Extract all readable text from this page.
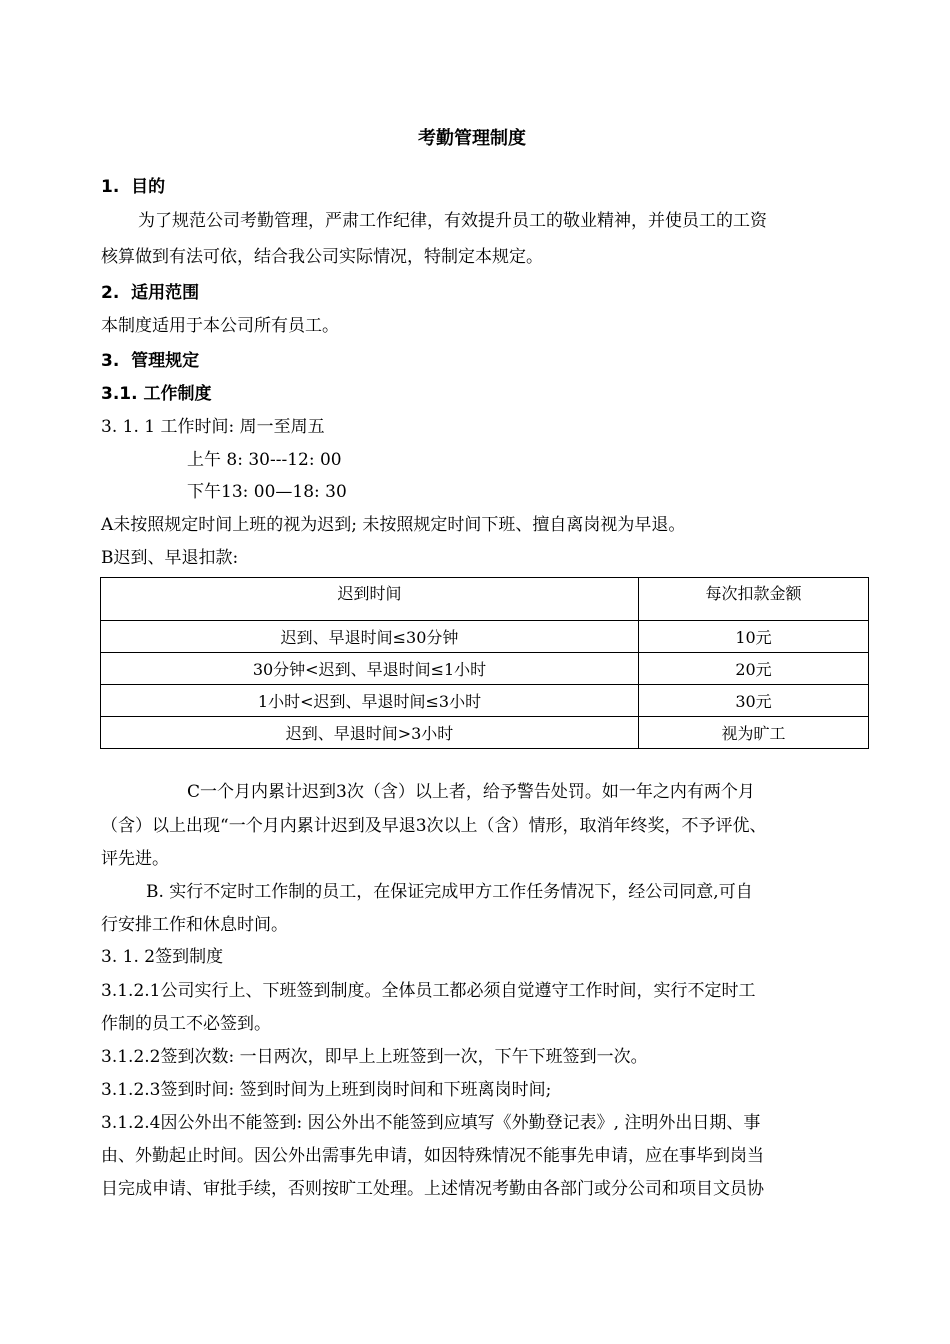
考勤管理制度
1.  目的
为了规范公司考勤管理，严肃工作纪律，有效提升员工的敬业精神，并使员工的工资
核算做到有法可依，结合我公司实际情况，特制定本规定。
2.  适用范围
本制度适用于本公司所有员工。
3.  管理规定
3.1. 工作制度
3. 1. 1 工作时间: 周一至周五
上午 8: 30---12: 00
下午13: 00—18: 30
A未按照规定时间上班的视为迟到; 未按照规定时间下班、擅自离岗视为早退。
B迟到、早退扣款:
迟到时间	每次扣款金额
迟到、早退时间≤30分钟	10元
30分钟<迟到、早退时间≤1小时	20元
1小时<迟到、早退时间≤3小时	30元
迟到、早退时间>3小时	视为旷工
C一个月内累计迟到3次（含）以上者，给予警告处罚。如一年之内有两个月
（含）以上出现“一个月内累计迟到及早退3次以上（含）情形，取消年终奖，不予评优、
评先进。
B. 实行不定时工作制的员工，在保证完成甲方工作任务情况下，经公司同意,可自
行安排工作和休息时间。
3. 1. 2签到制度
3.1.2.1公司实行上、下班签到制度。全体员工都必须自觉遵守工作时间，实行不定时工
作制的员工不必签到。
3.1.2.2签到次数: 一日两次，即早上上班签到一次，下午下班签到一次。
3.1.2.3签到时间: 签到时间为上班到岗时间和下班离岗时间;
3.1.2.4因公外出不能签到: 因公外出不能签到应填写《外勤登记表》, 注明外出日期、事
由、外勤起止时间。因公外出需事先申请，如因特殊情况不能事先申请，应在事毕到岗当
日完成申请、审批手续，否则按旷工处理。上述情况考勤由各部门或分公司和项目文员协
